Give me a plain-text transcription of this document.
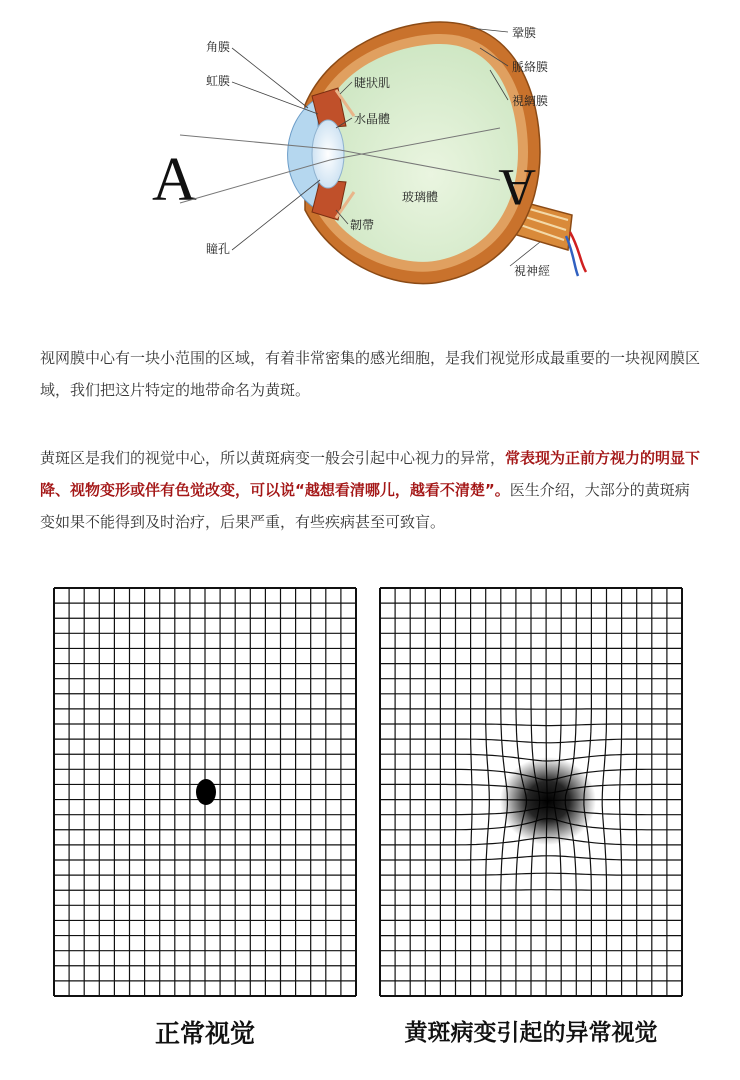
A	A
角膜
虹膜
瞳孔
睫狀肌
水晶體
韌帶
玻璃體
鞏膜
脈絡膜
視網膜
視神經

视网膜中心有一块小范围的区域，有着非常密集的感光细胞，是我们视觉形成最重要的一块视网膜区域，我们把这片特定的地带命名为黄斑。

黄斑区是我们的视觉中心，所以黄斑病变一般会引起中心视力的异常，常表现为正前方视力的明显下降、视物变形或伴有色觉改变，可以说“越想看清哪儿，越看不清楚”。医生介绍，大部分的黄斑病变如果不能得到及时治疗，后果严重，有些疾病甚至可致盲。

正常视觉	黄斑病变引起的异常视觉
